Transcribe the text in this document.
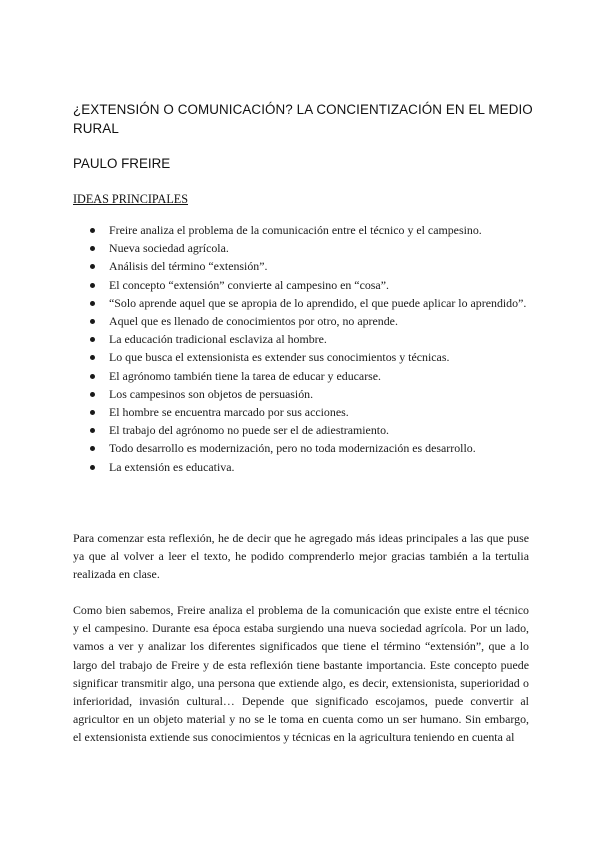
¿EXTENSIÓN O COMUNICACIÓN? LA CONCIENTIZACIÓN EN EL MEDIO RURAL

PAULO FREIRE

IDEAS PRINCIPALES

Freire analiza el problema de la comunicación entre el técnico y el campesino.
Nueva sociedad agrícola.
Análisis del término “extensión”.
El concepto “extensión” convierte al campesino en “cosa”.
“Solo aprende aquel que se apropia de lo aprendido, el que puede aplicar lo aprendido”.
Aquel que es llenado de conocimientos por otro, no aprende.
La educación tradicional esclaviza al hombre.
Lo que busca el extensionista es extender sus conocimientos y técnicas.
El agrónomo también tiene la tarea de educar y educarse.
Los campesinos son objetos de persuasión.
El hombre se encuentra marcado por sus acciones.
El trabajo del agrónomo no puede ser el de adiestramiento.
Todo desarrollo es modernización, pero no toda modernización es desarrollo.
La extensión es educativa.

Para comenzar esta reflexión, he de decir que he agregado más ideas principales a las que puse ya que al volver a leer el texto, he podido comprenderlo mejor gracias también a la tertulia realizada en clase.

Como bien sabemos, Freire analiza el problema de la comunicación que existe entre el técnico y el campesino. Durante esa época estaba surgiendo una nueva sociedad agrícola. Por un lado, vamos a ver y analizar los diferentes significados que tiene el término “extensión”, que a lo largo del trabajo de Freire y de esta reflexión tiene bastante importancia. Este concepto puede significar transmitir algo, una persona que extiende algo, es decir, extensionista, superioridad o inferioridad, invasión cultural… Depende que significado escojamos, puede convertir al agricultor en un objeto material y no se le toma en cuenta como un ser humano. Sin embargo, el extensionista extiende sus conocimientos y técnicas en la agricultura teniendo en cuenta al
